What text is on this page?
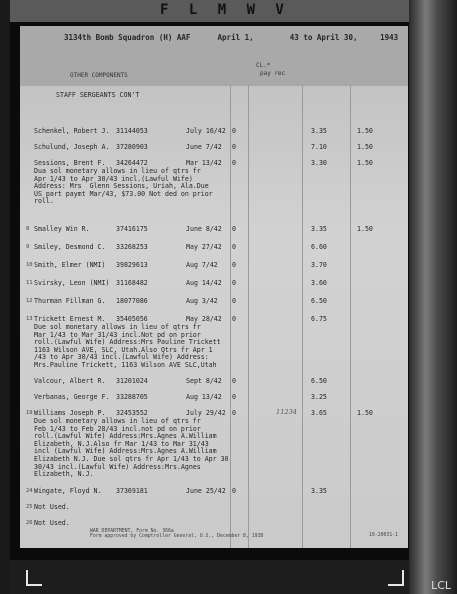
F L M W V
LCL
3134th Bomb Squadron (H) AAF      April 1,        43 to April 30,     1943
OTHER COMPONENTS
CL.*
pay rec
STAFF SERGEANTS CON'T
Schenkel, Robert J. 31144053	July 16/42 0	3.35	1.50
Schulund, Joseph A. 37280903	June 7/42 0	7.10	1.50
Sessions, Brent F. 34264472	Mar 13/42 0	3.30	1.50
Dua sol monetary allows in lieu of qtrs fr
Apr 1/43 to Apr 30/43 incl.(Lawful Wife)
Address: Mrs  Glenn Sessions, Uriah, Ala.Due
US part paymt Mar/43, $73.00 Not ded on prior
roll.
8 Smalley Win R.	37416175	June 8/42 0	3.35	1.50
9 Smiley, Desmond C. 33268253	May 27/42 0	6.60
10 Smith, Elmer (NMI) 39829613	Aug 7/42 0	3.70
11 Svirsky, Leon (NMI) 31168482	Aug 14/42 0	3.60
12 Thurman Fillman G. 18077086	Aug 3/42 0	6.50
13 Trickett Ernest M. 35405056	May 28/42 0	6.75
Due sol monetary allows in lieu of qtrs fr
Mar 1/43 to Mar 31/43 incl.Not pd on prior
roll.(Lawful Wife) Address:Mrs Pauline Trickett
1163 Wilson AVE, SLC, Utah.Also Qtrs fr Apr 1
/43 to Apr 30/43 incl.(Lawful Wife) Address:
Mrs.Pauline Trickett, 1163 Wilson AVE SLC,Utah
Valcour, Albert R. 31201024	Sept 8/42 0	6.50
Verbanas, George F. 33288705	Aug 13/42 0	3.25
19 Williams Joseph P. 32453552	July 29/42 0	11234 3.65	1.50
Due sol monetary allows in lieu of qtrs fr
Feb 1/43 to Feb 28/43 incl.not pd on prior
roll.(Lawful Wife) Address:Mrs.Agnes A.William
Elizabeth, N.J.Also fr Mar 1/43 to Mar 31/43
incl (Lawful Wife) Address:Mrs.Agnes A.William
Elizabeth N.J. Due sol qtrs fr Apr 1/43 to Apr 30
30/43 incl.(Lawful Wife) Address:Mrs.Agnes
Elizabeth, N.J.
24 Wingate, Floyd N. 37369181	June 25/42 0	3.35
25 Not Used.
26 Not Used.
WAR DEPARTMENT, Form No. 366a
Form approved by Comptroller General, U.S., December 8, 1938	16-20031-1
